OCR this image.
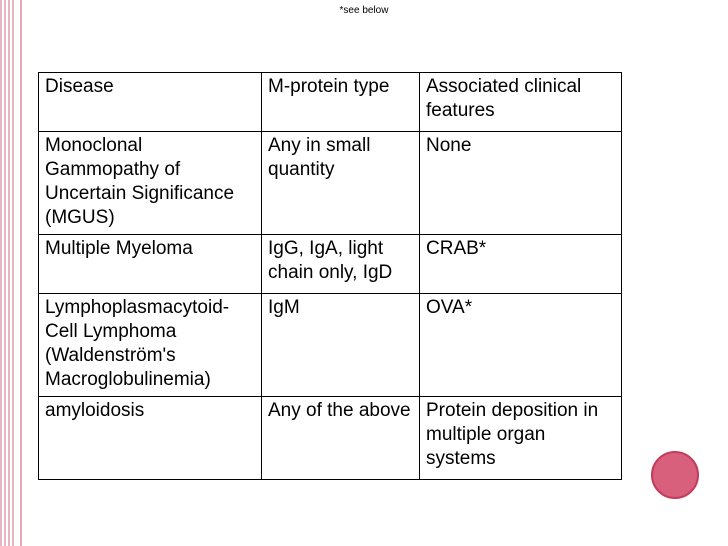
*see below
Disease	M-protein type	Associated clinical features
Monoclonal Gammopathy of Uncertain Significance (MGUS)	Any in small quantity	None
Multiple Myeloma	IgG, IgA, light chain only, IgD	CRAB*
Lymphoplasmacytoid-Cell Lymphoma (Waldenström's Macroglobulinemia)	IgM	OVA*
amyloidosis	Any of the above	Protein deposition in multiple organ systems
